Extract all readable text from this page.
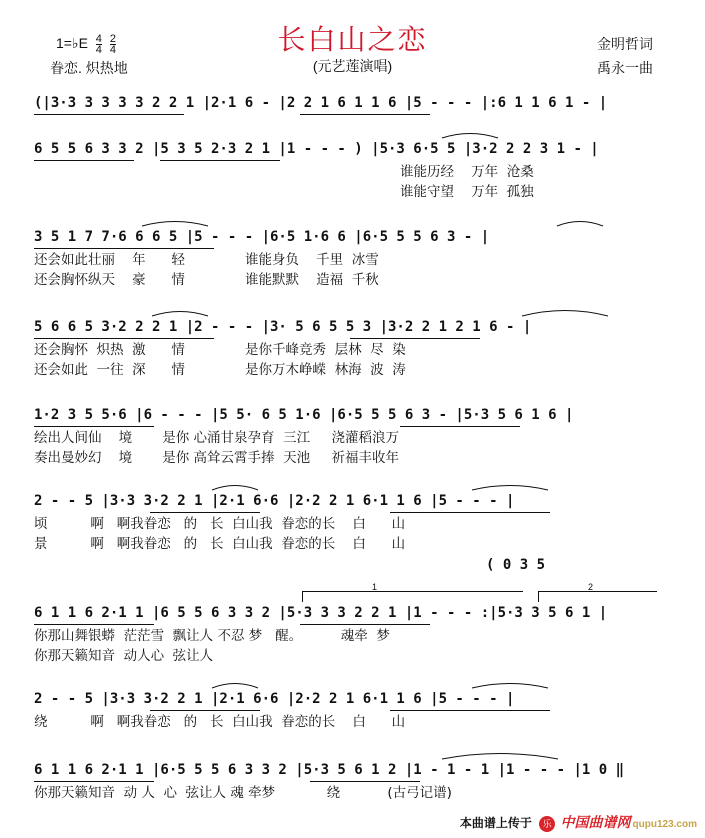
长白山之恋
(元艺莲演唱)
1=♭E $\frac{4}{4}$
$\frac{2}{4}$
眷恋. 炽热地
金明哲词
禹永一曲
(|3·3 3 3 3 3 2 2 1 |2·1 6 - |2 2 1 6 1 1 6 |5 - - - |:6 1 1 6 1 - |
6 5 5 6 3 3 2 |5 3 5 2·3 2 1 |1 - - - ) |5·3 6·5 5 |3·2 2 2 3 1 - |
3 5 1 7 7·6 6 6 5 |5 - - - |6·5 1·6 6 |6·5 5 5 6 3 - |
5 6 6 5 3·2 2 2 1 |2 - - - |3· 5 6 5 5 3 |3·2 2 1 2 1 6 - |
1·2 3 5 5·6 |6 - - - |5 5· 6 5 1·6 |6·5 5 5 6 3 - |5·3 5 6 1 6 |
2 - - 5 |3·3 3·2 2 1 |2·1 6·6 |2·2 2 1 6·1 1 6 |5 - - - |
6 1 1 6 2·1 1 |6 5 5 6 3 3 2 |5·3 3 3 2 2 1 |1 - - - :|5·3 3 5 6 1 |
2 - - 5 |3·3 3·2 2 1 |2·1 6·6 |2·2 2 1 6·1 1 6 |5 - - - |
6 1 1 6 2·1 1 |6·5 5 5 6 3 3 2 |5·3 5 6 1 2 |1 - 1 - 1 |1 - - - |1 0 ‖
( 0 3 5
1	2
谁能历经    万年  沧桑
谁能守望    万年  孤独
还会如此壮丽    年      轻              谁能身负    千里  冰雪
还会胸怀纵天    豪      情              谁能默默    造福  千秋
还会胸怀  炽热  激      情              是你千峰竞秀  层林  尽  染
还会如此  一往  深      情              是你万木峥嵘  林海  波  涛
绘出人间仙    境       是你 心涌甘泉孕育  三江     浇灌稻浪万
奏出曼妙幻    境       是你 高耸云霄手捧  天池     祈福丰收年
顷          啊   啊我眷恋   的   长  白山我  眷恋的长    白      山
景          啊   啊我眷恋   的   长  白山我  眷恋的长    白      山
你那山舞银蟒  茫茫雪  飘让人 不忍 梦   醒。         魂牵  梦
你那天籁知音  动人心  弦让人
绕          啊   啊我眷恋   的   长  白山我  眷恋的长    白      山
你那天籁知音  动 人  心  弦让人 魂 牵梦            绕           (古弓记谱)
本曲谱上传于 乐 中国曲谱网 qupu123.com
